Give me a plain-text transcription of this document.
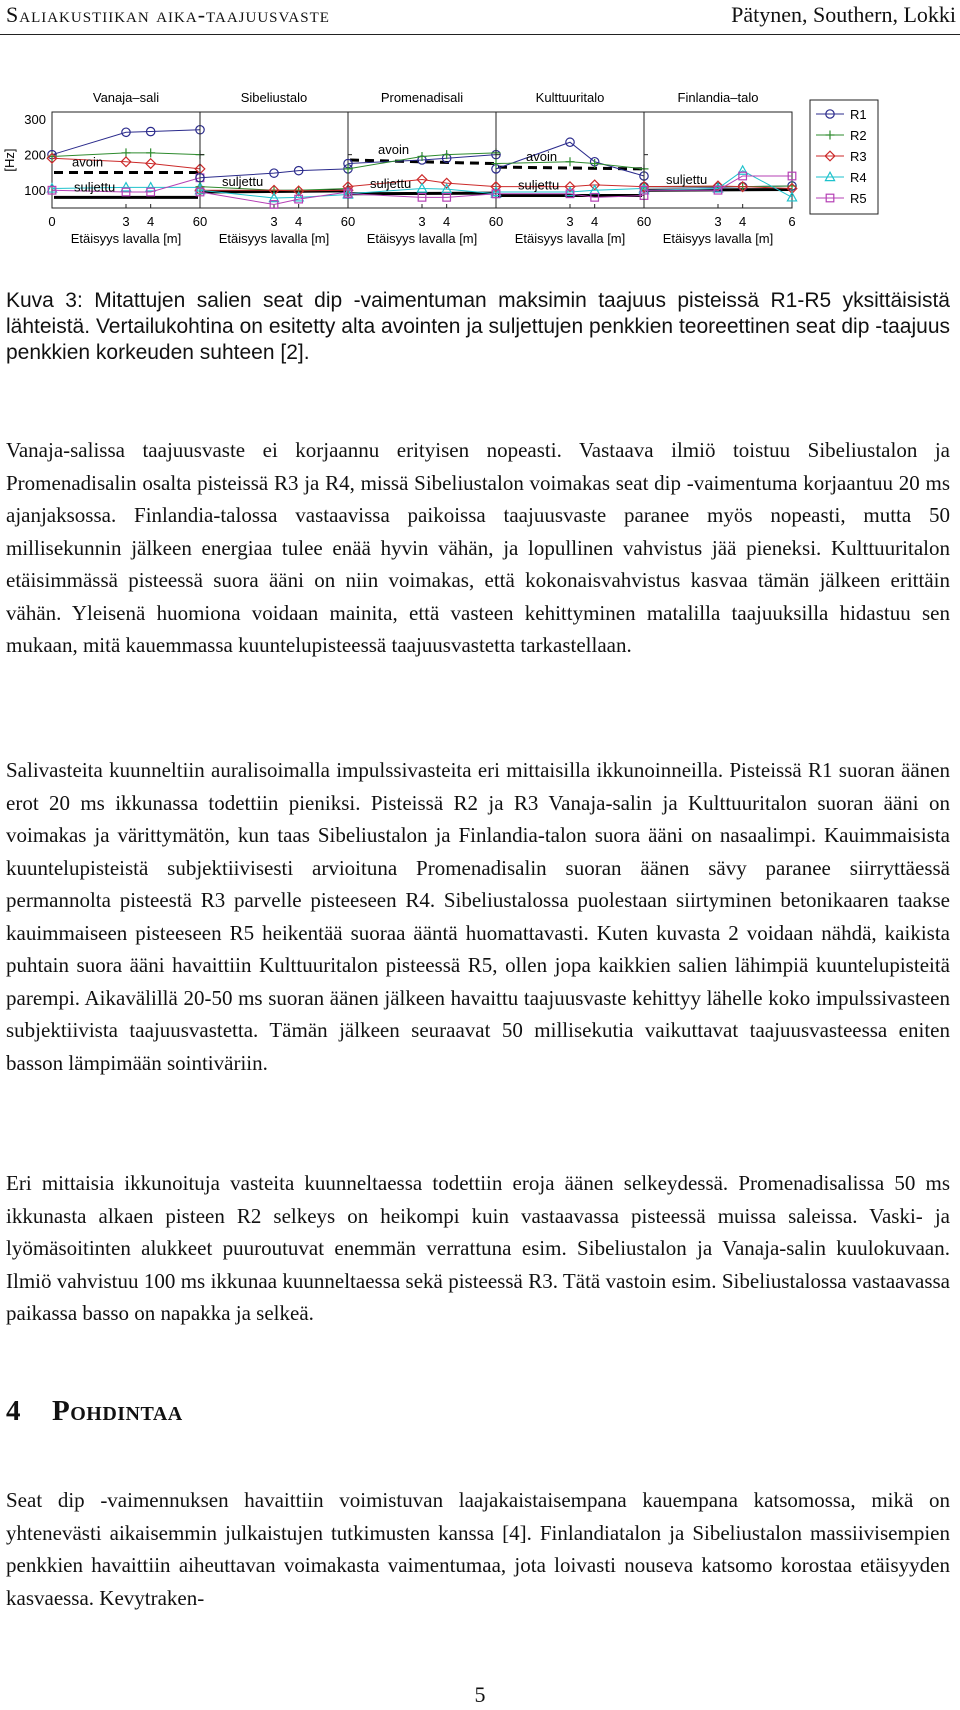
Saliakustiikan aika-taajuusvaste	Pätynen, Southern, Lokki
[Hz]
100
200
300
Vanaja–sali
avoin
suljettu
Sibeliustalo
suljettu
Promenadisali
avoin
suljettu
Kulttuuritalo
avoin
suljettu
Finlandia–talo
suljettu
0	3 4	60	3 4	60	3 4	60	3 4	60	3 4	6
Etäisyys lavalla [m]	Etäisyys lavalla [m]	Etäisyys lavalla [m]	Etäisyys lavalla [m]	Etäisyys lavalla [m]
R1
R2
R3
R4
R5

Kuva 3: Mitattujen salien seat dip -vaimentuman maksimin taajuus pisteissä R1-R5 yksittäisistä lähteistä. Vertailukohtina on esitetty alta avointen ja suljettujen penkkien teoreettinen seat dip -taajuus penkkien korkeuden suhteen [2].

Vanaja-salissa taajuusvaste ei korjaannu erityisen nopeasti. Vastaava ilmiö toistuu Sibeliustalon ja Promenadisalin osalta pisteissä R3 ja R4, missä Sibeliustalon voimakas seat dip -vaimentuma korjaantuu 20 ms ajanjaksossa. Finlandia-talossa vastaavissa paikoissa taajuusvaste paranee myös nopeasti, mutta 50 millisekunnin jälkeen energiaa tulee enää hyvin vähän, ja lopullinen vahvistus jää pieneksi. Kulttuuritalon etäisimmässä pisteessä suora ääni on niin voimakas, että kokonaisvahvistus kasvaa tämän jälkeen erittäin vähän. Yleisenä huomiona voidaan mainita, että vasteen kehittyminen matalilla taajuuksilla hidastuu sen mukaan, mitä kauemmassa kuuntelupisteessä taajuusvastetta tarkastellaan.

Salivasteita kuunneltiin auralisoimalla impulssivasteita eri mittaisilla ikkunoinneilla. Pisteissä R1 suoran äänen erot 20 ms ikkunassa todettiin pieniksi. Pisteissä R2 ja R3 Vanaja-salin ja Kulttuuritalon suoran ääni on voimakas ja värittymätön, kun taas Sibeliustalon ja Finlandia-talon suora ääni on nasaalimpi. Kauimmaisista kuuntelupisteistä subjektiivisesti arvioituna Promenadisalin suoran äänen sävy paranee siirryttäessä permannolta pisteestä R3 parvelle pisteeseen R4. Sibeliustalossa puolestaan siirtyminen betonikaaren taakse kauimmaiseen pisteeseen R5 heikentää suoraa ääntä huomattavasti. Kuten kuvasta 2 voidaan nähdä, kaikista puhtain suora ääni havaittiin Kulttuuritalon pisteessä R5, ollen jopa kaikkien salien lähimpiä kuuntelupisteitä parempi. Aikavälillä 20-50 ms suoran äänen jälkeen havaittu taajuusvaste kehittyy lähelle koko impulssivasteen subjektiivista taajuusvastetta. Tämän jälkeen seuraavat 50 millisekutia vaikuttavat taajuusvasteessa eniten basson lämpimään sointiväriin.

Eri mittaisia ikkunoituja vasteita kuunneltaessa todettiin eroja äänen selkeydessä. Promenadisalissa 50 ms ikkunasta alkaen pisteen R2 selkeys on heikompi kuin vastaavassa pisteessä muissa saleissa. Vaski- ja lyömäsoitinten alukkeet puuroutuvat enemmän verrattuna esim. Sibeliustalon ja Vanaja-salin kuulokuvaan. Ilmiö vahvistuu 100 ms ikkunaa kuunneltaessa sekä pisteessä R3. Tätä vastoin esim. Sibeliustalossa vastaavassa paikassa basso on napakka ja selkeä.

4 Pohdintaa

Seat dip -vaimennuksen havaittiin voimistuvan laajakaistaisempana kauempana katsomossa, mikä on yhtenevästi aikaisemmin julkaistujen tutkimusten kanssa [4]. Finlandiatalon ja Sibeliustalon massiivisempien penkkien havaittiin aiheuttavan voimakasta vaimentumaa, jota loivasti nouseva katsomo korostaa etäisyyden kasvaessa. Kevytraken-

5
